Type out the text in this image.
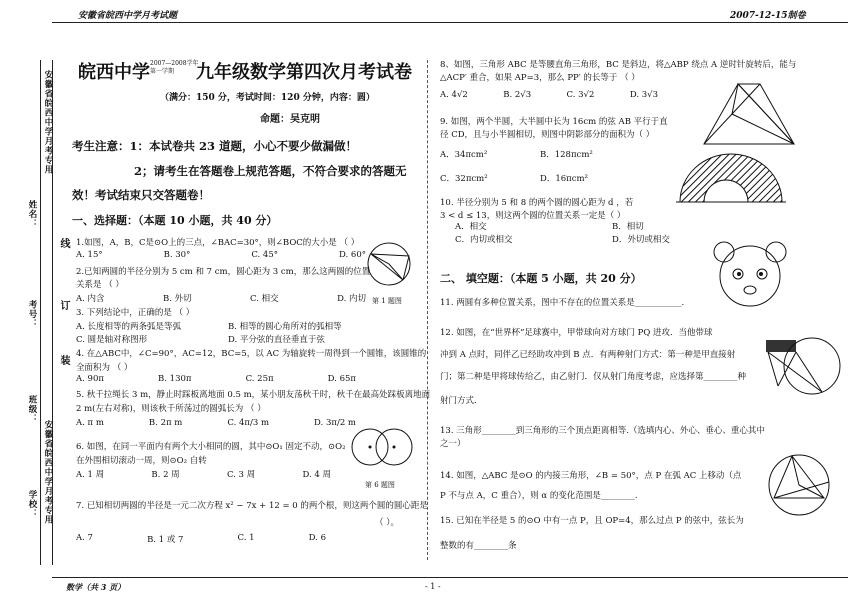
安徽省皖西中学月考试题	2007-12-15制卷
安徽省皖西中学月考专用
安徽省皖西中学月考专用
姓名：
考号：
班级：
学校：
线
订
装
皖西中学 2007—2008学年
第一学期	九年级数学第四次月考试卷
（满分：150 分，考试时间：120 分钟，内容：圆）
命题：吴克明
考生注意：1：本试卷共 23 道题，小心不要少做漏做！
2；请考生在答题卷上规范答题，不符合要求的答题无
效！考试结束只交答题卷！
一、选择题：（本题 10 小题，共 40 分）
1.如图，A，B，C是⊙O上的三点，∠BAC=30°，则∠BOC的大小是 （ ）
A. 15°	B. 30°	C. 45°	D. 60°
第 1 题图
2.已知两圆的半径分别为 5 cm 和 7 cm，圆心距为 3 cm，那么这两圆的位置
关系是 （ ）
A. 内含	B. 外切	C. 相交	D. 内切
3. 下列结论中，正确的是 （ ）
A. 长度相等的两条弧是等弧	B. 相等的圆心角所对的弧相等
C. 圆是轴对称图形	D. 平分弦的直径垂直于弦
4. 在△ABC中，∠C=90°，AC=12，BC=5，以 AC 为轴旋转一周得到一个圆锥，该圆锥的
全面积为 （ ）
A. 90π	B. 130π	C. 25π	D. 65π
5. 秋千拉绳长 3 m，静止时踩板离地面 0.5 m，某小朋友荡秋千时，秋千在最高处踩板离地面
2 m(左右对称)，则该秋千所荡过的圆弧长为 （ ）
A. π m	B. 2π m	C. 4π/3 m	D. 3π/2 m
6. 如图，在同一平面内有两个大小相同的圆，其中⊙O₁ 固定不动，⊙O₂
在外围相切滚动一周，则⊙O₂ 自转
A. 1 周	B. 2 周	C. 3 周	D. 4 周
第 6 题图
7. 已知相切两圆的半径是一元二次方程 x² − 7x + 12 = 0 的两个根，则这两个圆的圆心距是
（ ）。
A. 7	B. 1 或 7	C. 1	D. 6
数学（共 3 页）	- 1 -
8、如图，三角形 ABC 是等腰直角三角形，BC 是斜边，将△ABP 绕点 A 逆时针旋转后，能与
△ACP′ 重合，如果 AP=3，那么 PP′ 的长等于 （ ）
A. 4√2	B. 2√3	C. 3√2	D. 3√3
9. 如图，两个半圆，大半圆中长为 16cm 的弦 AB 平行于直
径 CD，且与小半圆相切，则图中阴影部分的面积为（ ）
A．34πcm²	B．128πcm²
C．32πcm²	D．16πcm²
10. 半径分别为 5 和 8 的两个圆的圆心距为 d ，若
3 < d ≤ 13，则这两个圆的位置关系一定是（ ）
A．相交	B．相切
C．内切或相交	D．外切或相交
二、 填空题：（本题 5 小题，共 20 分）
11. 两圆有多种位置关系，图中不存在的位置关系是___________.
12. 如图，在“世界杯”足球赛中，甲带球向对方球门 PQ 进攻．当他带球
冲到 A 点时，同伴乙已经助攻冲到 B 点．有两种射门方式：第一种是甲直接射
门；第二种是甲将球传给乙，由乙射门．仅从射门角度考虑，应选择第________种
射门方式．
13. 三角形________到三角形的三个顶点距离相等.（选填内心、外心、垂心、重心其中
之一）
14. 如图，△ABC 是⊙O 的内接三角形，∠B = 50°，点 P 在弧 AC 上移动（点
P 不与点 A，C 重合），则 α 的变化范围是________.
15. 已知在半径是 5 的⊙O 中有一点 P，且 OP=4，那么过点 P 的弦中，弦长为
整数的有________条
